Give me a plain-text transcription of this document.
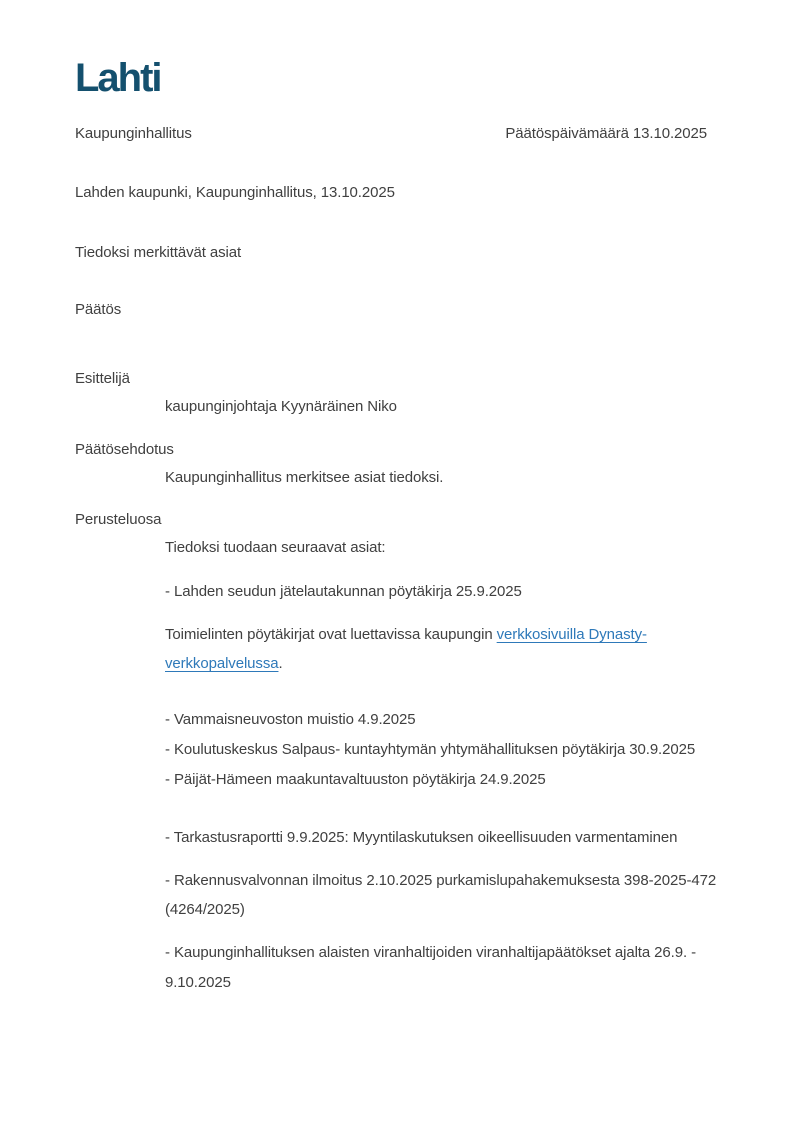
Lahti
Kaupunginhallitus	Päätöspäivämäärä 13.10.2025
Lahden kaupunki, Kaupunginhallitus, 13.10.2025
Tiedoksi merkittävät asiat
Päätös
Esittelijä
kaupunginjohtaja Kyynäräinen Niko
Päätösehdotus
Kaupunginhallitus merkitsee asiat tiedoksi.
Perusteluosa
Tiedoksi tuodaan seuraavat asiat:
- Lahden seudun jätelautakunnan pöytäkirja 25.9.2025
Toimielinten pöytäkirjat ovat luettavissa kaupungin verkkosivuilla Dynasty-
verkkopalvelussa.
- Vammaisneuvoston muistio 4.9.2025
- Koulutuskeskus Salpaus- kuntayhtymän yhtymähallituksen pöytäkirja 30.9.2025
- Päijät-Hämeen maakuntavaltuuston pöytäkirja 24.9.2025
- Tarkastusraportti 9.9.2025: Myyntilaskutuksen oikeellisuuden varmentaminen
- Rakennusvalvonnan ilmoitus 2.10.2025 purkamislupahakemuksesta 398-2025-472
(4264/2025)
- Kaupunginhallituksen alaisten viranhaltijoiden viranhaltijapäätökset ajalta 26.9. -
9.10.2025
